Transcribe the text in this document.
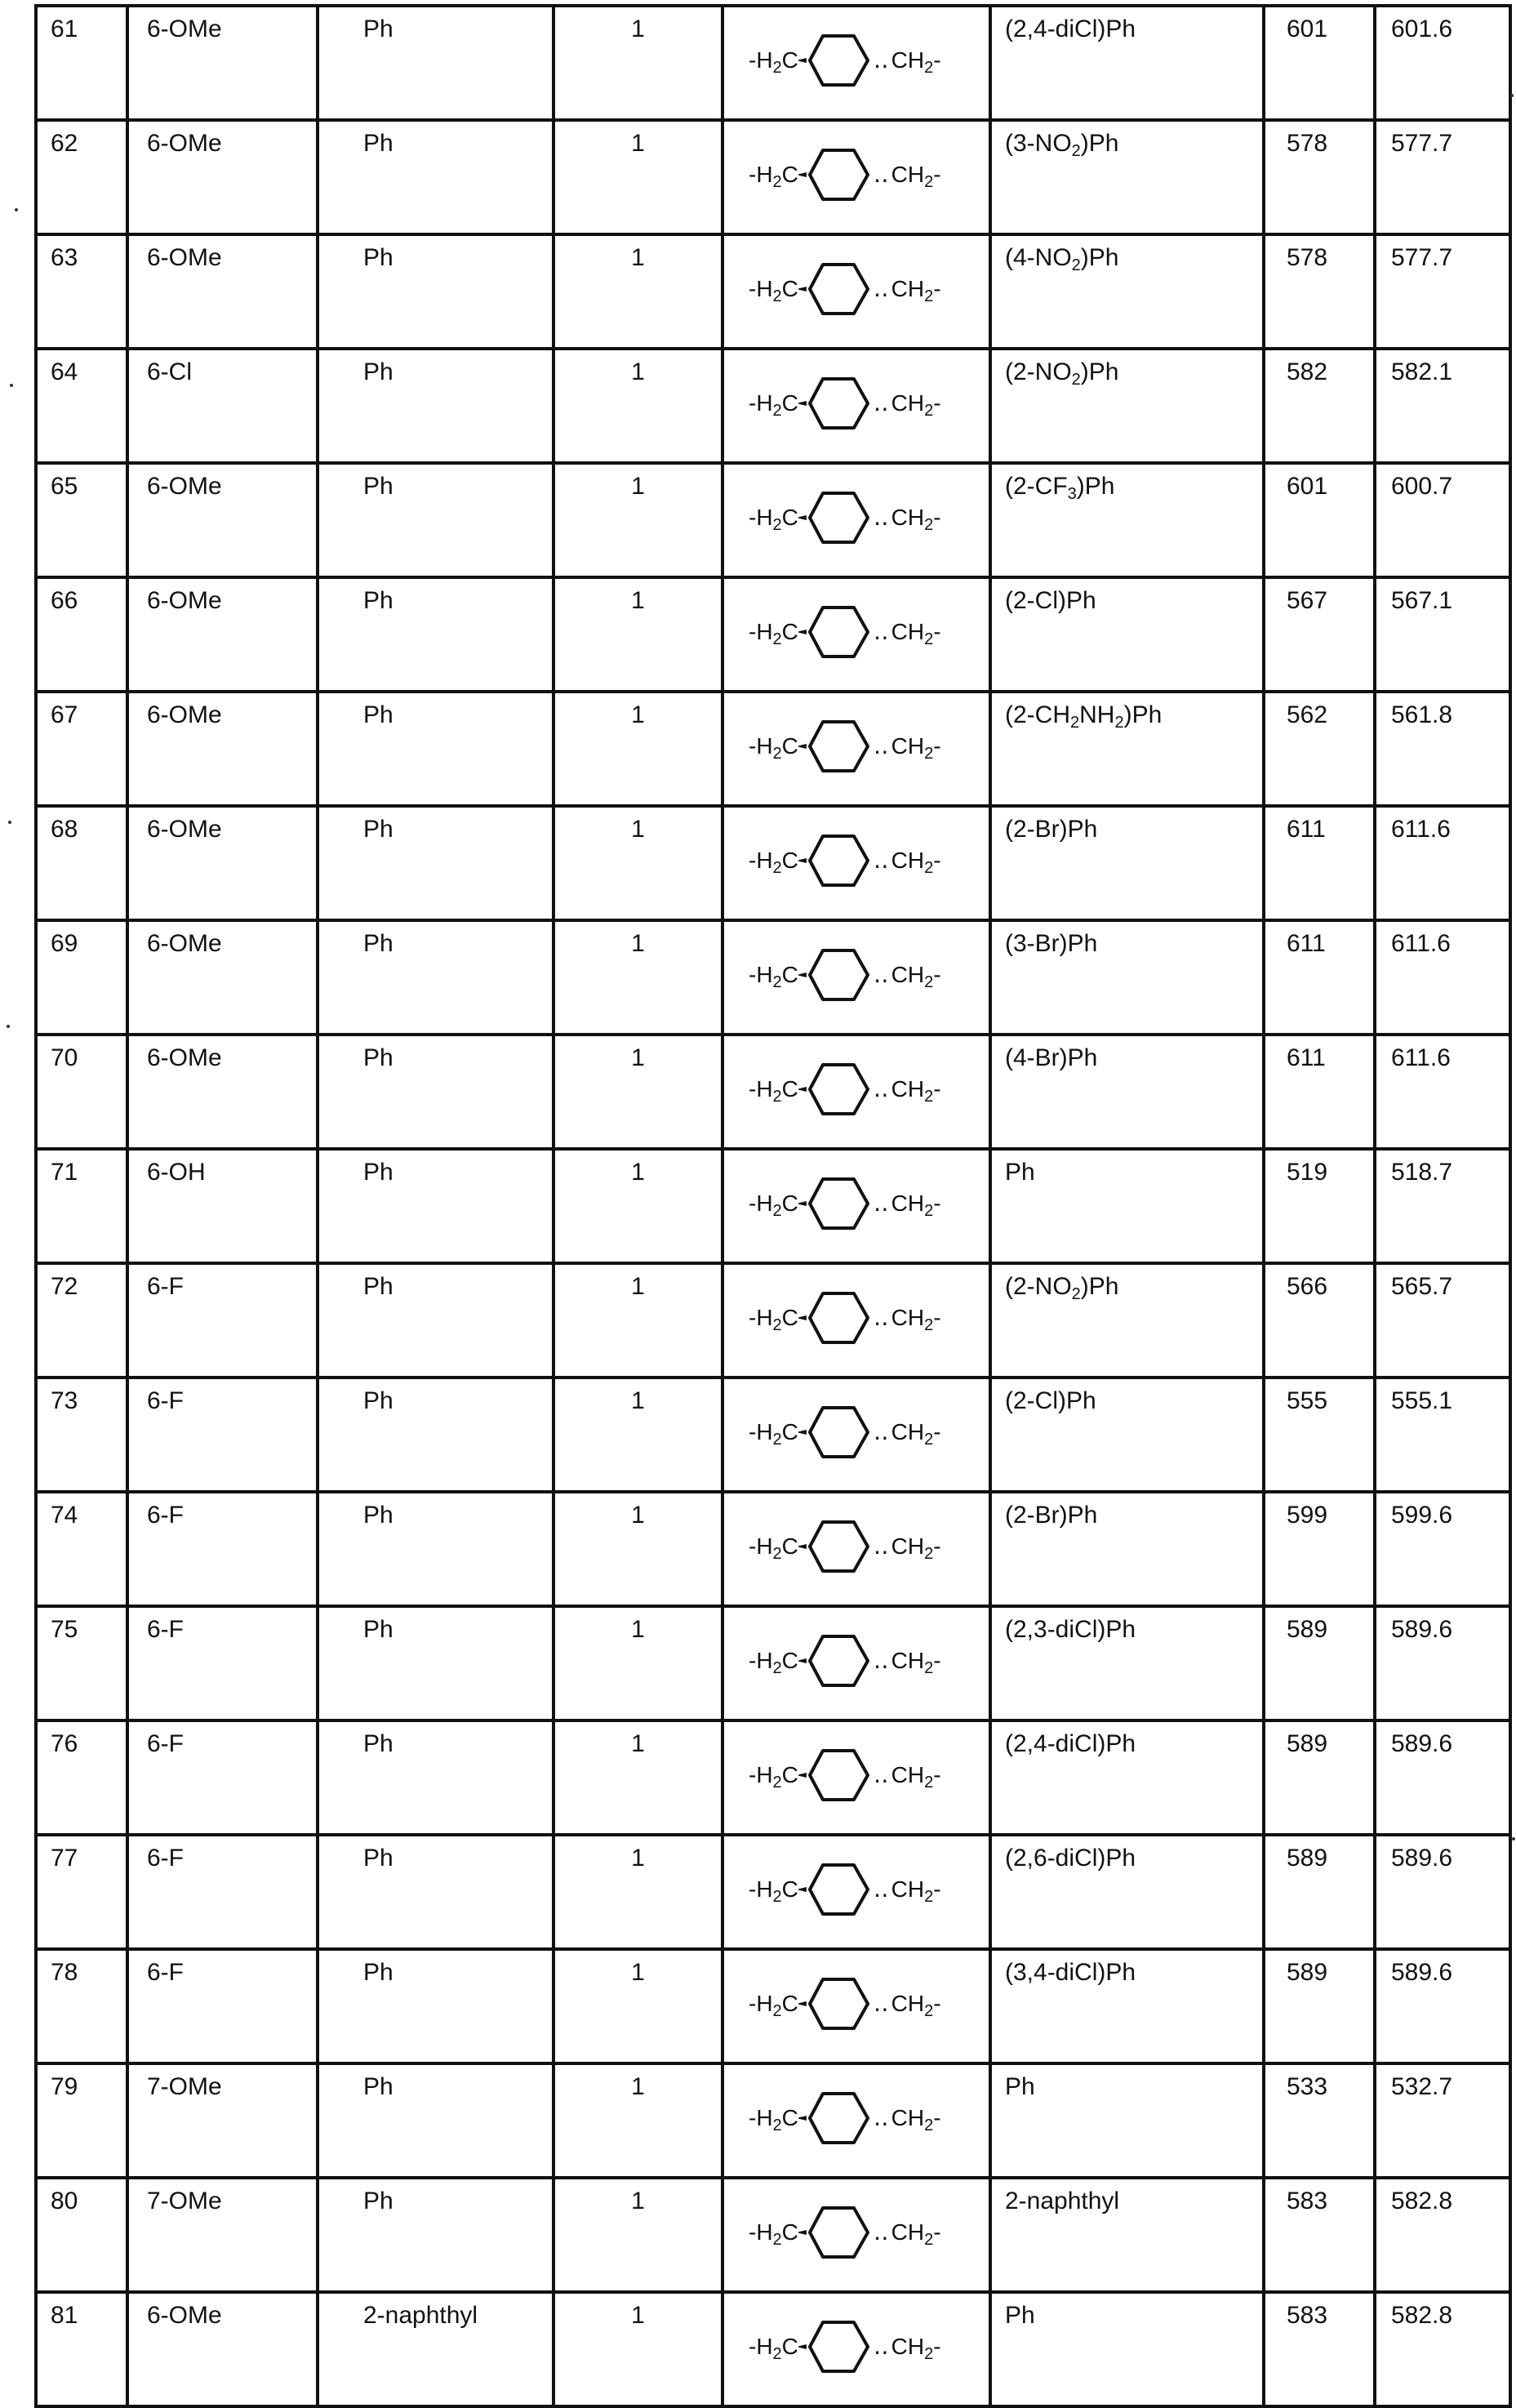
61	6-OMe	Ph	1	$-H_2C$ ‥ $CH_2-$	(2,4-diCl)Ph	601	601.6
62	6-OMe	Ph	1	$-H_2C$ ‥ $CH_2-$	$(3-NO_2)Ph$	578	577.7
63	6-OMe	Ph	1	$-H_2C$ ‥ $CH_2-$	$(4-NO_2)Ph$	578	577.7
64	6-Cl	Ph	1	$-H_2C$ ‥ $CH_2-$	$(2-NO_2)Ph$	582	582.1
65	6-OMe	Ph	1	$-H_2C$ ‥ $CH_2-$	$(2-CF_3)Ph$	601	600.7
66	6-OMe	Ph	1	$-H_2C$ ‥ $CH_2-$	(2-Cl)Ph	567	567.1
67	6-OMe	Ph	1	$-H_2C$ ‥ $CH_2-$	$(2-CH_2NH_2)Ph$	562	561.8
68	6-OMe	Ph	1	$-H_2C$ ‥ $CH_2-$	(2-Br)Ph	611	611.6
69	6-OMe	Ph	1	$-H_2C$ ‥ $CH_2-$	(3-Br)Ph	611	611.6
70	6-OMe	Ph	1	$-H_2C$ ‥ $CH_2-$	(4-Br)Ph	611	611.6
71	6-OH	Ph	1	$-H_2C$ ‥ $CH_2-$	Ph	519	518.7
72	6-F	Ph	1	$-H_2C$ ‥ $CH_2-$	$(2-NO_2)Ph$	566	565.7
73	6-F	Ph	1	$-H_2C$ ‥ $CH_2-$	(2-Cl)Ph	555	555.1
74	6-F	Ph	1	$-H_2C$ ‥ $CH_2-$	(2-Br)Ph	599	599.6
75	6-F	Ph	1	$-H_2C$ ‥ $CH_2-$	(2,3-diCl)Ph	589	589.6
76	6-F	Ph	1	$-H_2C$ ‥ $CH_2-$	(2,4-diCl)Ph	589	589.6
77	6-F	Ph	1	$-H_2C$ ‥ $CH_2-$	(2,6-diCl)Ph	589	589.6
78	6-F	Ph	1	$-H_2C$ ‥ $CH_2-$	(3,4-diCl)Ph	589	589.6
79	7-OMe	Ph	1	$-H_2C$ ‥ $CH_2-$	Ph	533	532.7
80	7-OMe	Ph	1	$-H_2C$ ‥ $CH_2-$	2-naphthyl	583	582.8
81	6-OMe	2-naphthyl	1	$-H_2C$ ‥ $CH_2-$	Ph	583	582.8
